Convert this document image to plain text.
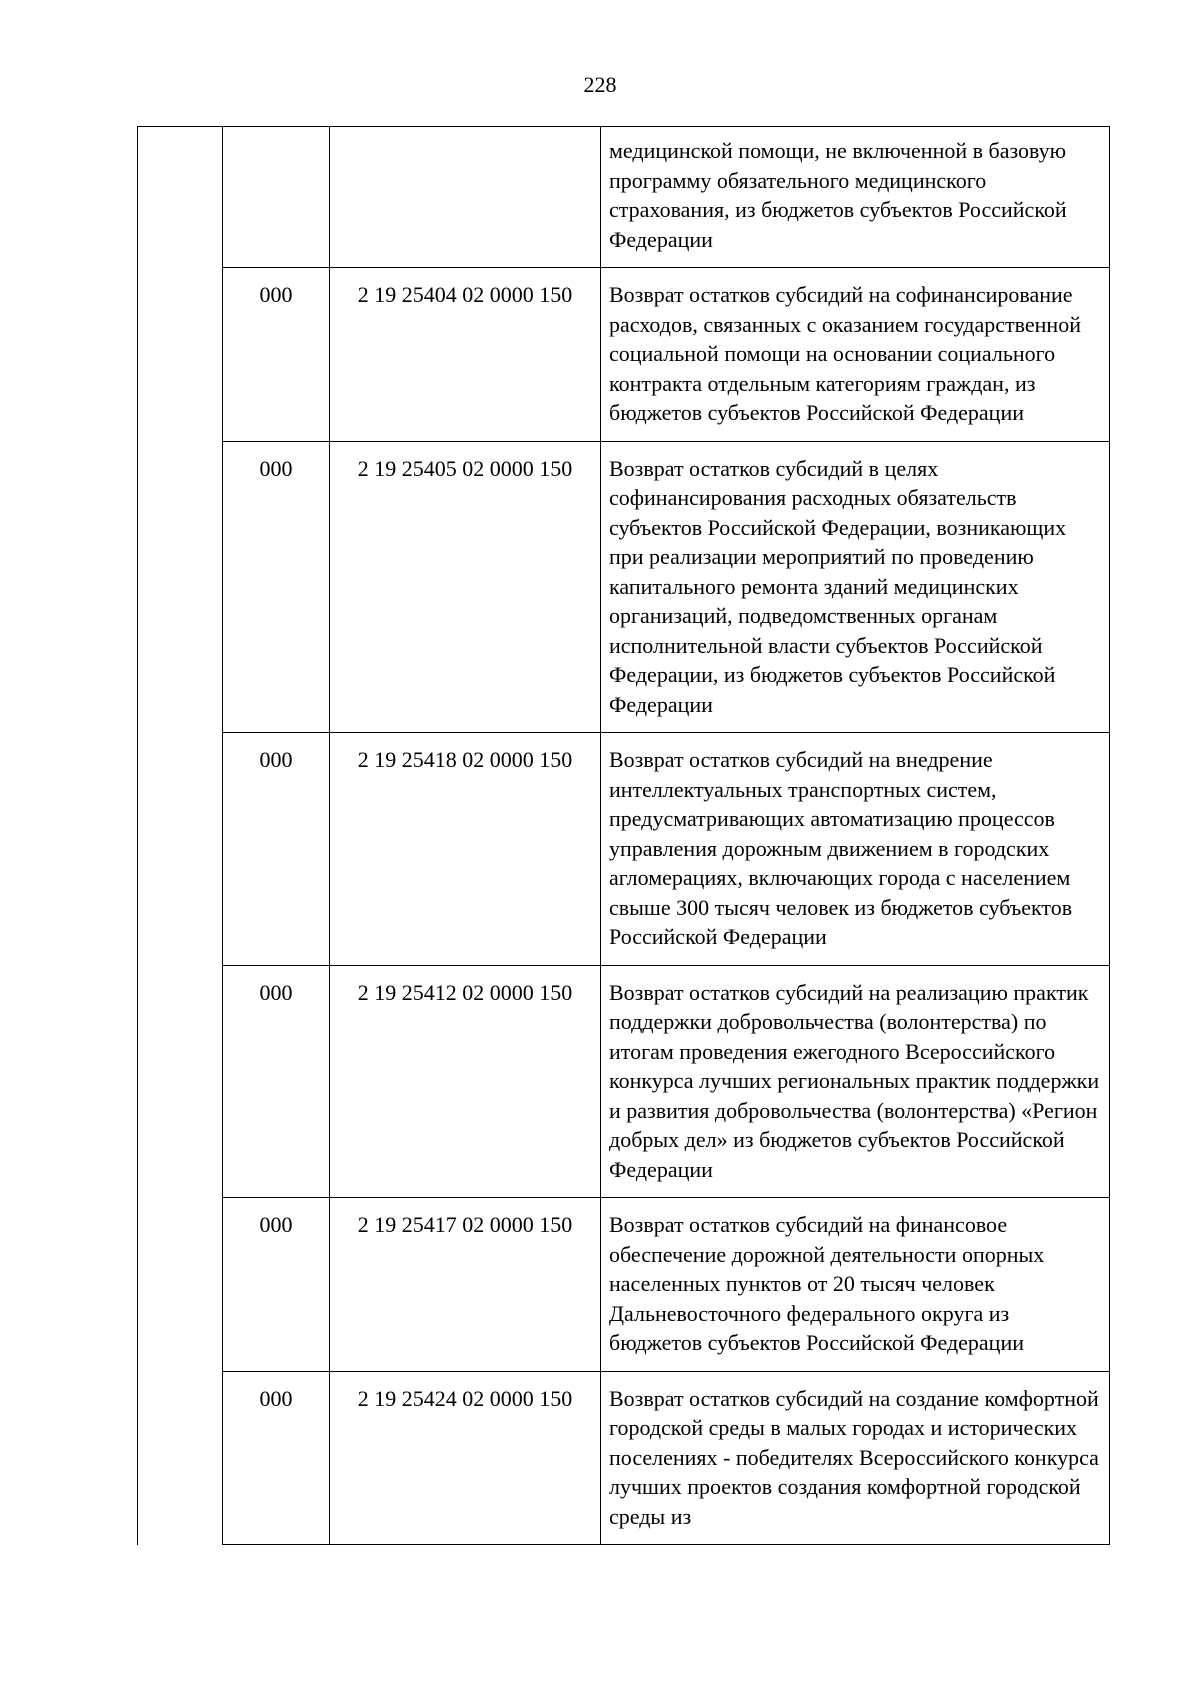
228
			медицинской помощи, не включенной в базовую программу обязательного медицинского страхования, из бюджетов субъектов Российской Федерации
	000	2 19 25404 02 0000 150	Возврат остатков субсидий на софинансирование расходов, связанных с оказанием государственной социальной помощи на основании социального контракта отдельным категориям граждан, из бюджетов субъектов Российской Федерации
	000	2 19 25405 02 0000 150	Возврат остатков субсидий в целях софинансирования расходных обязательств субъектов Российской Федерации, возникающих при реализации мероприятий по проведению капитального ремонта зданий медицинских организаций, подведомственных органам исполнительной власти субъектов Российской Федерации, из бюджетов субъектов Российской Федерации
	000	2 19 25418 02 0000 150	Возврат остатков субсидий на внедрение интеллектуальных транспортных систем, предусматривающих автоматизацию процессов управления дорожным движением в городских агломерациях, включающих города с населением свыше 300 тысяч человек из бюджетов субъектов Российской Федерации
	000	2 19 25412 02 0000 150	Возврат остатков субсидий на реализацию практик поддержки добровольчества (волонтерства) по итогам проведения ежегодного Всероссийского конкурса лучших региональных практик поддержки и развития добровольчества (волонтерства) «Регион добрых дел» из бюджетов субъектов Российской Федерации
	000	2 19 25417 02 0000 150	Возврат остатков субсидий на финансовое обеспечение дорожной деятельности опорных населенных пунктов от 20 тысяч человек Дальневосточного федерального округа из бюджетов субъектов Российской Федерации
	000	2 19 25424 02 0000 150	Возврат остатков субсидий на создание комфортной городской среды в малых городах и исторических поселениях - победителях Всероссийского конкурса лучших проектов создания комфортной городской среды из
